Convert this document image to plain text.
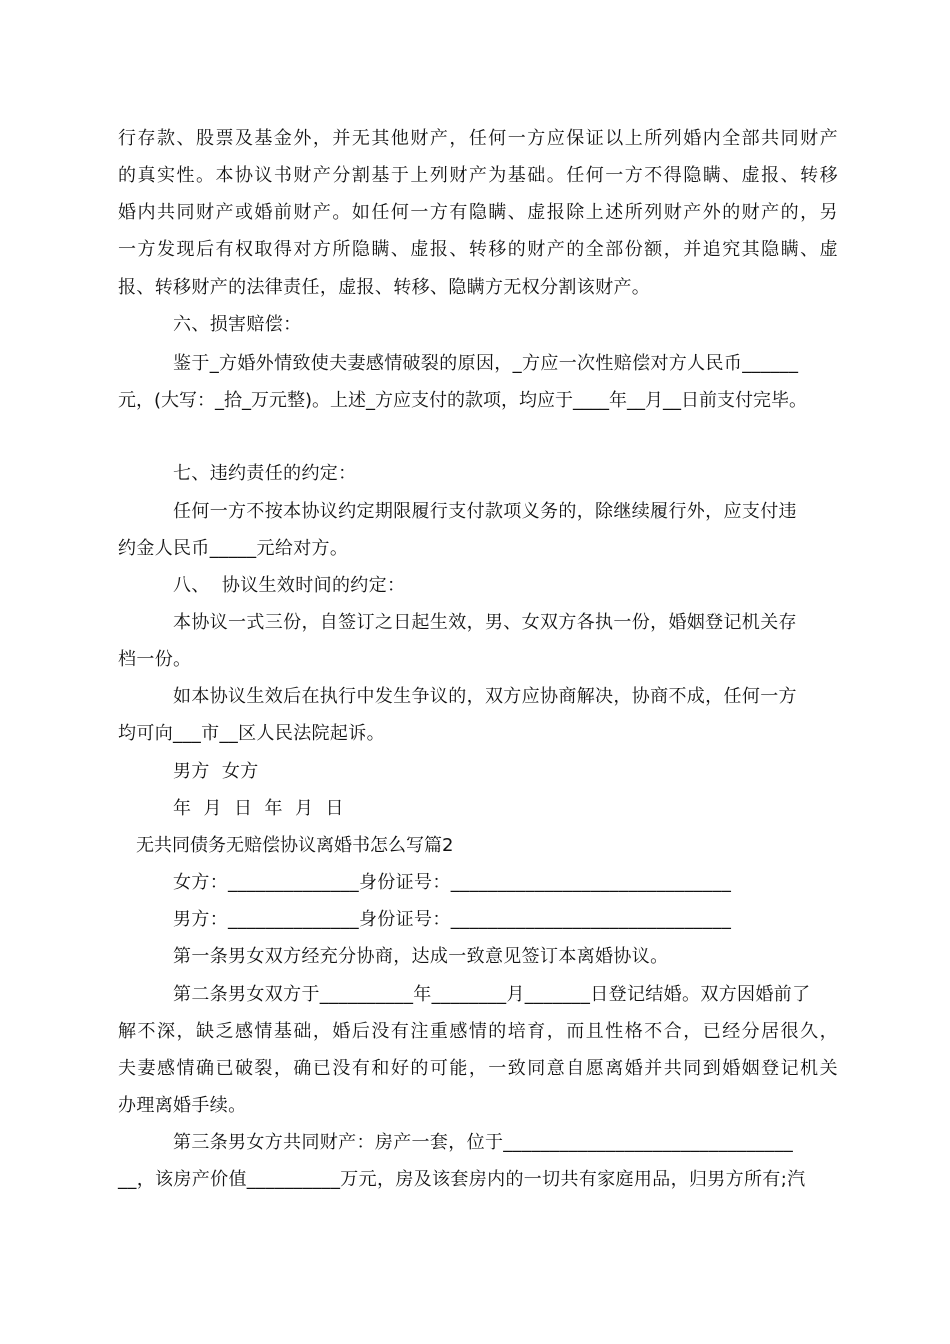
行存款、股票及基金外，并无其他财产，任何一方应保证以上所列婚内全部共同财产
的真实性。本协议书财产分割基于上列财产为基础。任何一方不得隐瞒、虚报、转移
婚内共同财产或婚前财产。如任何一方有隐瞒、虚报除上述所列财产外的财产的，另
一方发现后有权取得对方所隐瞒、虚报、转移的财产的全部份额，并追究其隐瞒、虚
报、转移财产的法律责任，虚报、转移、隐瞒方无权分割该财产。
六、损害赔偿：
鉴于_方婚外情致使夫妻感情破裂的原因，_方应一次性赔偿对方人民币______
元，(大写：_拾_万元整)。上述_方应支付的款项，均应于____年__月__日前支付完毕。
七、违约责任的约定：
任何一方不按本协议约定期限履行支付款项义务的，除继续履行外，应支付违
约金人民币_____元给对方。
八、  协议生效时间的约定：
本协议一式三份，自签订之日起生效，男、女双方各执一份，婚姻登记机关存
档一份。
如本协议生效后在执行中发生争议的，双方应协商解决，协商不成，任何一方
均可向___市__区人民法院起诉。
男方  女方
年  月  日  年  月  日
无共同债务无赔偿协议离婚书怎么写篇2
女方：______________身份证号：______________________________
男方：______________身份证号：______________________________
第一条男女双方经充分协商，达成一致意见签订本离婚协议。
第二条男女双方于__________年________月_______日登记结婚。双方因婚前了
解不深，缺乏感情基础，婚后没有注重感情的培育，而且性格不合，已经分居很久，
夫妻感情确已破裂，确已没有和好的可能，一致同意自愿离婚并共同到婚姻登记机关
办理离婚手续。
第三条男女方共同财产：房产一套，位于_______________________________
__，该房产价值__________万元，房及该套房内的一切共有家庭用品，归男方所有;汽
